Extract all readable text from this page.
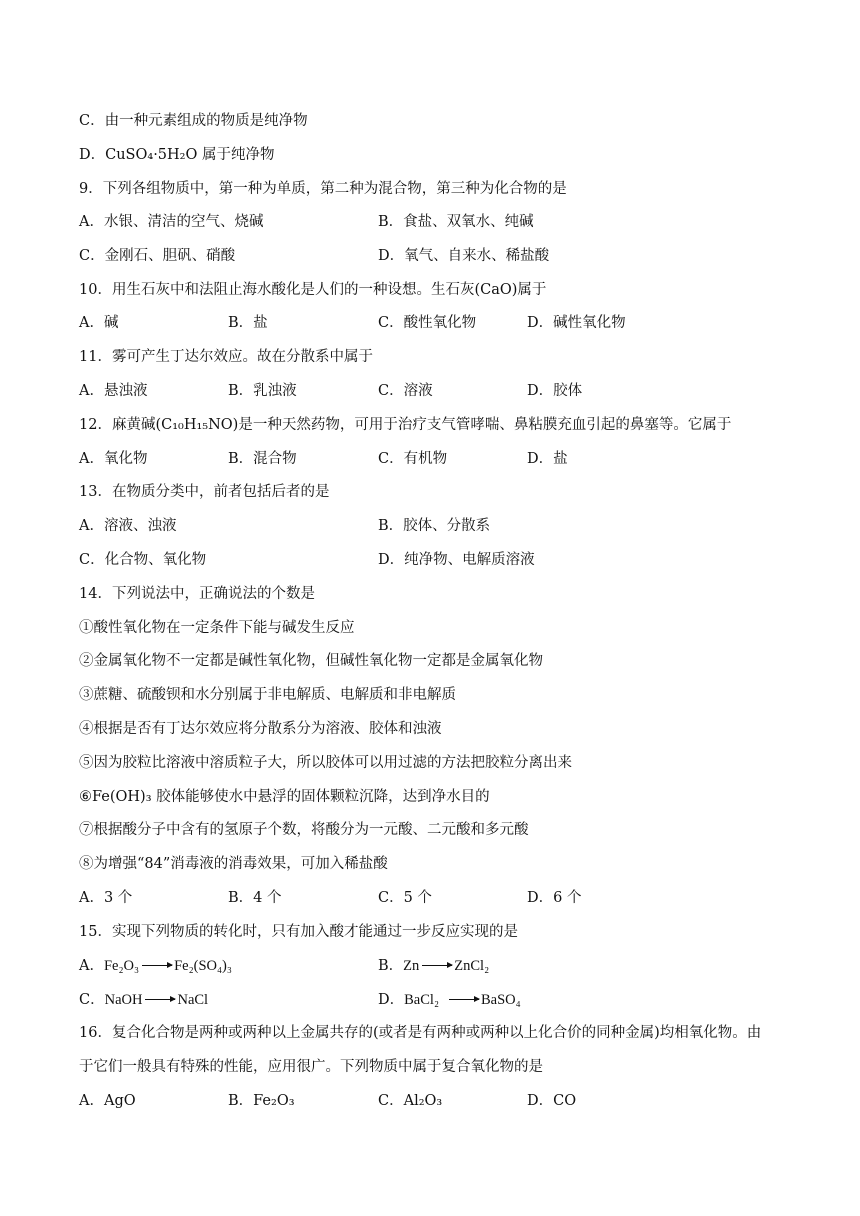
C．由一种元素组成的物质是纯净物
D．CuSO₄·5H₂O 属于纯净物
9．下列各组物质中，第一种为单质，第二种为混合物，第三种为化合物的是
A．水银、清洁的空气、烧碱	B．食盐、双氧水、纯碱
C．金刚石、胆矾、硝酸	D．氧气、自来水、稀盐酸
10．用生石灰中和法阻止海水酸化是人们的一种设想。生石灰(CaO)属于
A．碱	B．盐	C．酸性氧化物	D．碱性氧化物
11．雾可产生丁达尔效应。故在分散系中属于
A．悬浊液	B．乳浊液	C．溶液	D．胶体
12．麻黄碱(C₁₀H₁₅NO)是一种天然药物，可用于治疗支气管哮喘、鼻粘膜充血引起的鼻塞等。它属于
A．氧化物	B．混合物	C．有机物	D．盐
13．在物质分类中，前者包括后者的是
A．溶液、浊液	B．胶体、分散系
C．化合物、氧化物	D．纯净物、电解质溶液
14．下列说法中，正确说法的个数是
①酸性氧化物在一定条件下能与碱发生反应
②金属氧化物不一定都是碱性氧化物，但碱性氧化物一定都是金属氧化物
③蔗糖、硫酸钡和水分别属于非电解质、电解质和非电解质
④根据是否有丁达尔效应将分散系分为溶液、胶体和浊液
⑤因为胶粒比溶液中溶质粒子大，所以胶体可以用过滤的方法把胶粒分离出来
⑥Fe(OH)₃ 胶体能够使水中悬浮的固体颗粒沉降，达到净水目的
⑦根据酸分子中含有的氢原子个数，将酸分为一元酸、二元酸和多元酸
⑧为增强“84”消毒液的消毒效果，可加入稀盐酸
A．3 个	B．4 个	C．5 个	D．6 个
15．实现下列物质的转化时，只有加入酸才能通过一步反应实现的是
A．Fe₂O₃ → Fe₂(SO₄)₃	B．Zn → ZnCl₂
C．NaOH → NaCl	D．BaCl₂ → BaSO₄
16．复合化合物是两种或两种以上金属共存的(或者是有两种或两种以上化合价的同种金属)均相氧化物。由
于它们一般具有特殊的性能，应用很广。下列物质中属于复合氧化物的是
A．AgO	B．Fe₂O₃	C．Al₂O₃	D．CO
